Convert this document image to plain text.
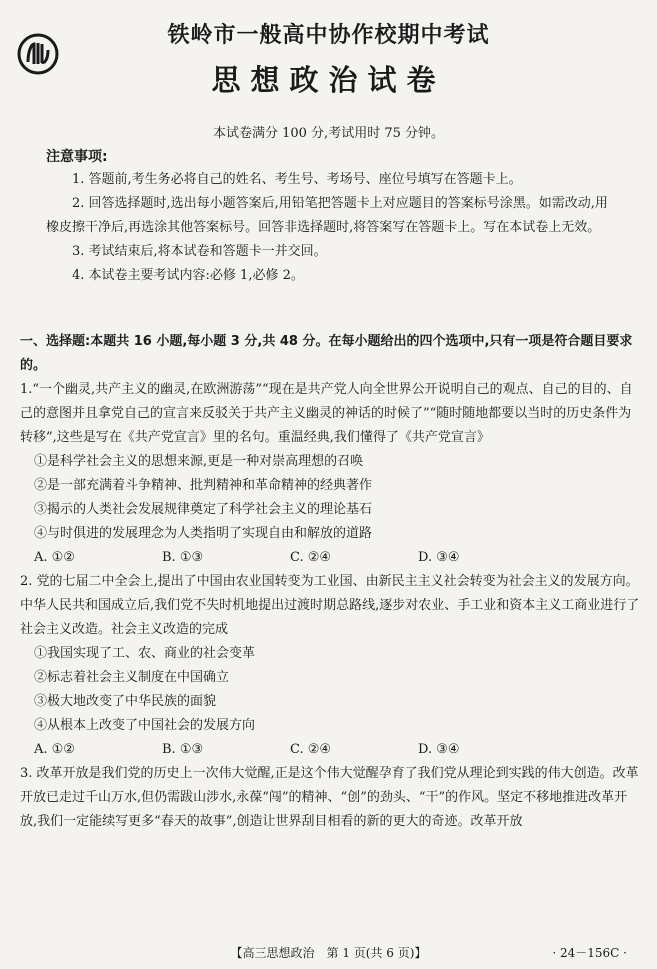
铁岭市一般高中协作校期中考试
思想政治试卷
本试卷满分 100 分,考试用时 75 分钟。
注意事项:
1. 答题前,考生务必将自己的姓名、考生号、考场号、座位号填写在答题卡上。
2. 回答选择题时,选出每小题答案后,用铅笔把答题卡上对应题目的答案标号涂黑。如需改动,用橡皮擦干净后,再选涂其他答案标号。回答非选择题时,将答案写在答题卡上。写在本试卷上无效。
3. 考试结束后,将本试卷和答题卡一并交回。
4. 本试卷主要考试内容:必修 1,必修 2。
一、选择题:本题共 16 小题,每小题 3 分,共 48 分。在每小题给出的四个选项中,只有一项是符合题目要求的。
1.“一个幽灵,共产主义的幽灵,在欧洲游荡”“现在是共产党人向全世界公开说明自己的观点、自己的目的、自己的意图并且拿党自己的宣言来反驳关于共产主义幽灵的神话的时候了”“随时随地都要以当时的历史条件为转移”,这些是写在《共产党宣言》里的名句。重温经典,我们懂得了《共产党宣言》
①是科学社会主义的思想来源,更是一种对崇高理想的召唤
②是一部充满着斗争精神、批判精神和革命精神的经典著作
③揭示的人类社会发展规律奠定了科学社会主义的理论基石
④与时俱进的发展理念为人类指明了实现自由和解放的道路
A. ①②	B. ①③	C. ②④	D. ③④
2. 党的七届二中全会上,提出了中国由农业国转变为工业国、由新民主主义社会转变为社会主义的发展方向。中华人民共和国成立后,我们党不失时机地提出过渡时期总路线,逐步对农业、手工业和资本主义工商业进行了社会主义改造。社会主义改造的完成
①我国实现了工、农、商业的社会变革
②标志着社会主义制度在中国确立
③极大地改变了中华民族的面貌
④从根本上改变了中国社会的发展方向
A. ①②	B. ①③	C. ②④	D. ③④
3. 改革开放是我们党的历史上一次伟大觉醒,正是这个伟大觉醒孕育了我们党从理论到实践的伟大创造。改革开放已走过千山万水,但仍需跋山涉水,永葆“闯”的精神、“创”的劲头、“干”的作风。坚定不移地推进改革开放,我们一定能续写更多“春天的故事”,创造让世界刮目相看的新的更大的奇迹。改革开放
【高三思想政治　第 1 页(共 6 页)】	· 24－156C ·
